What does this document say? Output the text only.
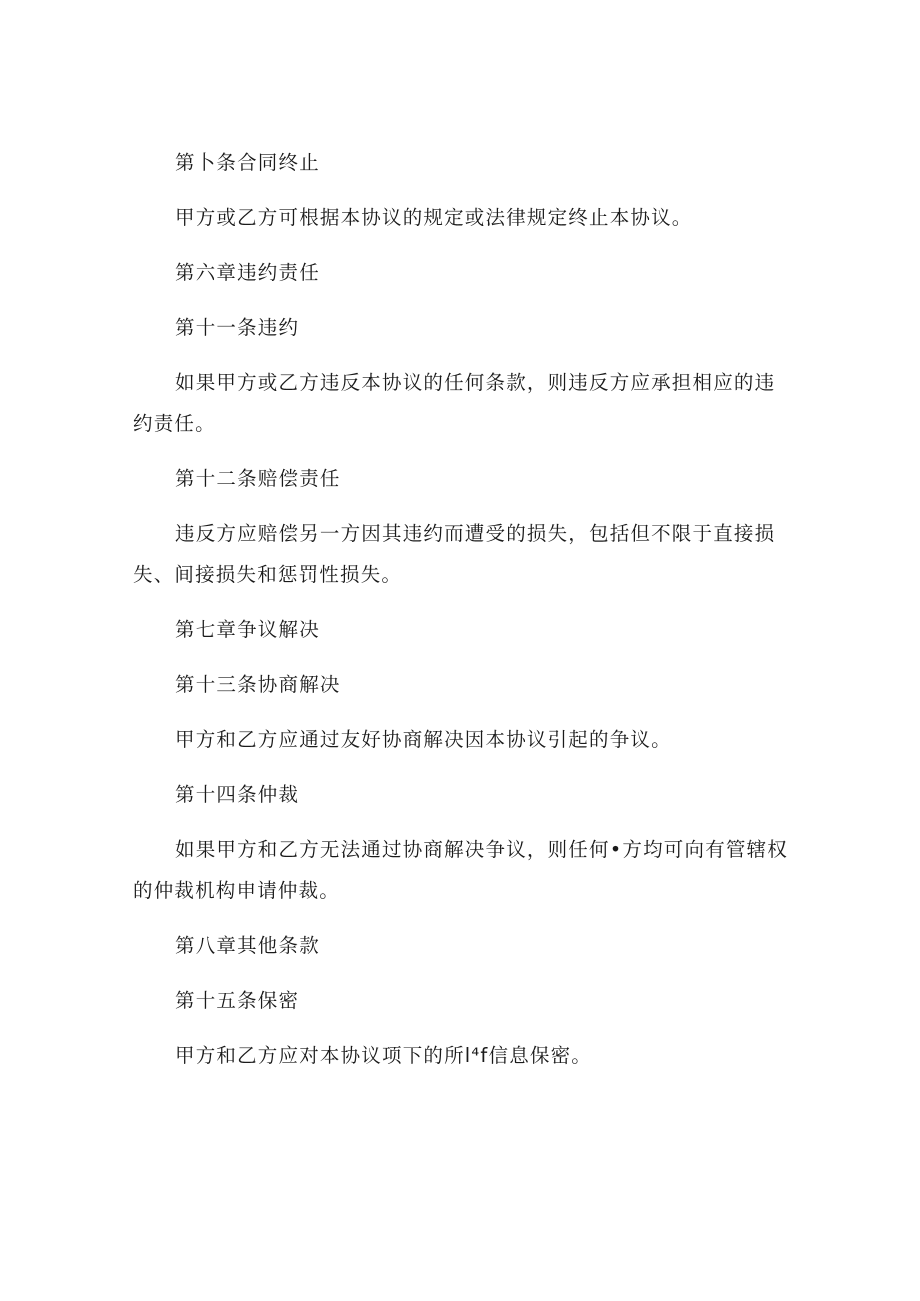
第卜条合同终止

甲方或乙方可根据本协议的规定或法律规定终止本协议。

第六章违约责任

第十一条违约

如果甲方或乙方违反本协议的任何条款，则违反方应承担相应的违约责任。

第十二条赔偿责任

违反方应赔偿另一方因其违约而遭受的损失，包括但不限于直接损失、间接损失和惩罚性损失。

第七章争议解决

第十三条协商解决

甲方和乙方应通过友好协商解决因本协议引起的争议。

第十四条仲裁

如果甲方和乙方无法通过协商解决争议，则任何•方均可向有管辖权的仲裁机构申请仲裁。

第八章其他条款

第十五条保密

甲方和乙方应对本协议项下的所l⁴f信息保密。
